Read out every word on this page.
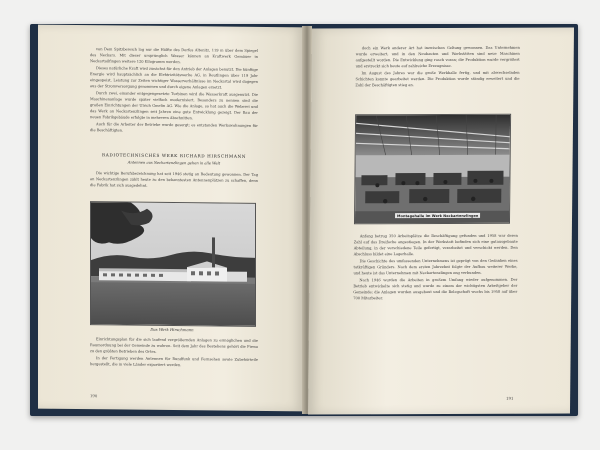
von Dem Spitzbereich lag nur die Hälfte des Dorfes Altenitz, 119 m über dem Spiegel des Neckars. Mit dieser ursprünglich Wasser können an Kraftwerk Gemäuer in Neckartailfingen weitere 120 Kilogramm werden.

Dieses natürliche Kraft wird zunächst für den Antrieb der Anlagen benutzt. Die künftige Energie wird hauptsächlich an die Elektrizitätswerke AG, in Reutlingen über 119 Jahr eingespeist. Leistung zur Zeiten wichtiger Wasserverhältnisse im Neckartal wird dagegen aus der Stromversorgung genommen und durch eigene Anlagen ersetzt.

Durch zwei, einander entgegengesetzte Turbinen wird die Wasserkraft ausgenutzt. Die Maschinenanlage wurde später vielfach modernisiert. Besonders zu nennen sind die großen Einrichtungen der Ulrich Gmelin AG. Wie die Anlage, so hat auch die Weberei und das Werk an Neckartenzlingen seit Jahren eine gute Entwicklung gezeigt. Der Bau der neuen Fabrikgebäude erfolgte in mehreren Abschnitten.

Auch für die Arbeiter der Betriebe wurde gesorgt; es entstanden Werkswohnungen für die Beschäftigten.

RADIOTECHNISCHES WERK RICHARD HIRSCHMANN
Antennen aus Neckartenzlingen gehen in alle Welt

Die wichtige Berufsbezeichnung hat seit 1946 stetig an Bedeutung gewonnen. Der Tag an Neckartenzlingen zählt heute zu den bekanntesten Antennenplätzen zu schaffen, denn die Fabrik hat sich ausgedehnt.

Das Werk Hirschmann

Einrichtungsplan für die sich laufend vergrößernden Anlagen zu ermöglichen und die Raumordnung bei der Gemeinde zu wahren. Seit dem Jahr des Bestehens gehört die Firma zu den größten Betrieben des Ortes.

In der Fertigung werden Antennen für Rundfunk und Fernsehen sowie Zubehörteile hergestellt, die in viele Länder exportiert werden.

190

doch ein Werk anderer Art hat inzwischen Geltung gewonnen. Das Unternehmen wurde erweitert, und in den Neubauten und Werkstätten sind neue Maschinen aufgestellt worden. Die Entwicklung ging rasch voran; die Produktion wurde vergrößert und erstreckt sich heute auf zahlreiche Erzeugnisse.

Im August des Jahres war die große Werkhalle fertig, und mit abwechselnden Schichten konnte gearbeitet werden. Die Produktion wurde ständig erweitert und die Zahl der Beschäftigten stieg an.

Montagehalle im Werk Neckartenzlingen

Anfang betrug 350 Arbeitsplätze die Beschäftigung gefunden und 1958 war deren Zahl auf das Dreifache angestiegen. In der Werkstatt befinden sich eine gutausgebaute Abteilung, in der verschiedene Teile gefertigt, verarbeitet und verschickt werden. Den Abschluss bildet eine Lagerhalle.

Die Geschichte des umfassenden Unternehmens ist geprägt von den Gedanken eines tatkräftigen Gründers. Nach dem ersten Jahrzehnt folgte der Aufbau weiterer Werke, und heute ist das Unternehmen mit Neckartenzlingen eng verbunden.

Nach 1946 wurden die Arbeiten in großem Umfang wieder aufgenommen. Der Betrieb entwickelte sich stetig und wurde zu einem der wichtigsten Arbeitgeber der Gemeinde; die Anlagen wurden ausgebaut und die Belegschaft wuchs bis 1958 auf über 700 Mitarbeiter.

191
